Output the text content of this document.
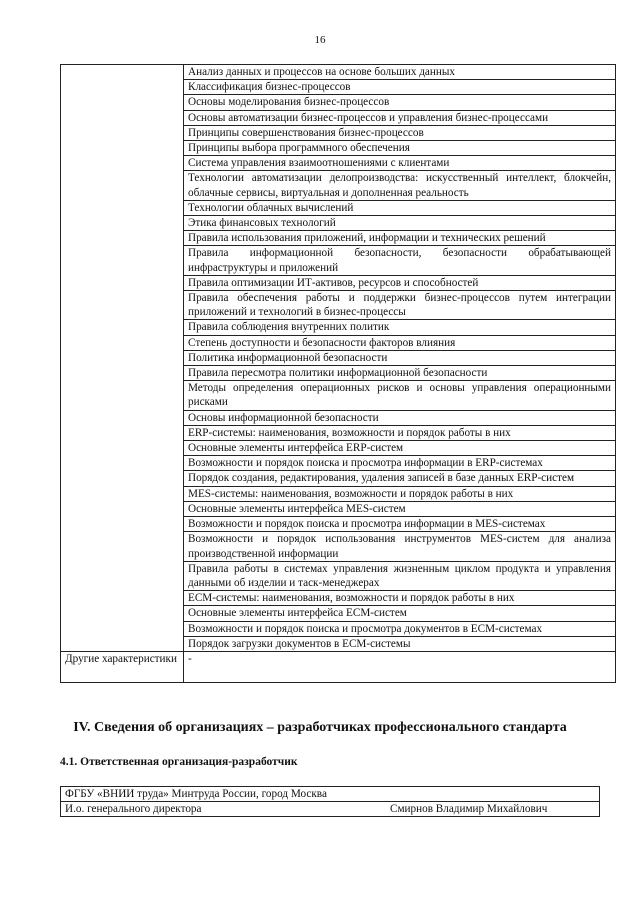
16
	Анализ данных и процессов на основе больших данных
	Классификация бизнес-процессов
	Основы моделирования бизнес-процессов
	Основы автоматизации бизнес-процессов и управления бизнес-процессами
	Принципы совершенствования бизнес-процессов
	Принципы выбора программного обеспечения
	Система управления взаимоотношениями с клиентами
	Технологии автоматизации делопроизводства: искусственный интеллект, блокчейн, облачные сервисы, виртуальная и дополненная реальность
	Технологии облачных вычислений
	Этика финансовых технологий
	Правила использования приложений, информации и технических решений
	Правила информационной безопасности, безопасности обрабатывающей инфраструктуры и приложений
	Правила оптимизации ИТ-активов, ресурсов и способностей
	Правила обеспечения работы и поддержки бизнес-процессов путем интеграции приложений и технологий в бизнес-процессы
	Правила соблюдения внутренних политик
	Степень доступности и безопасности факторов влияния
	Политика информационной безопасности
	Правила пересмотра политики информационной безопасности
	Методы определения операционных рисков и основы управления операционными рисками
	Основы информационной безопасности
	ERP-системы: наименования, возможности и порядок работы в них
	Основные элементы интерфейса ERP-систем
	Возможности и порядок поиска и просмотра информации в ERP-системах
	Порядок создания, редактирования, удаления записей в базе данных ERP-систем
	MES-системы: наименования, возможности и порядок работы в них
	Основные элементы интерфейса MES-систем
	Возможности и порядок поиска и просмотра информации в MES-системах
	Возможности и порядок использования инструментов MES-систем для анализа производственной информации
	Правила работы в системах управления жизненным циклом продукта и управления данными об изделии и таск-менеджерах
	ECM-системы: наименования, возможности и порядок работы в них
	Основные элементы интерфейса ECM-систем
	Возможности и порядок поиска и просмотра документов в ECM-системах
	Порядок загрузки документов в ECM-системы
Другие характеристики	-
IV. Сведения об организациях – разработчиках профессионального стандарта
4.1. Ответственная организация-разработчик
ФГБУ «ВНИИ труда» Минтруда России, город Москва
И.о. генерального директора	Смирнов Владимир Михайлович
